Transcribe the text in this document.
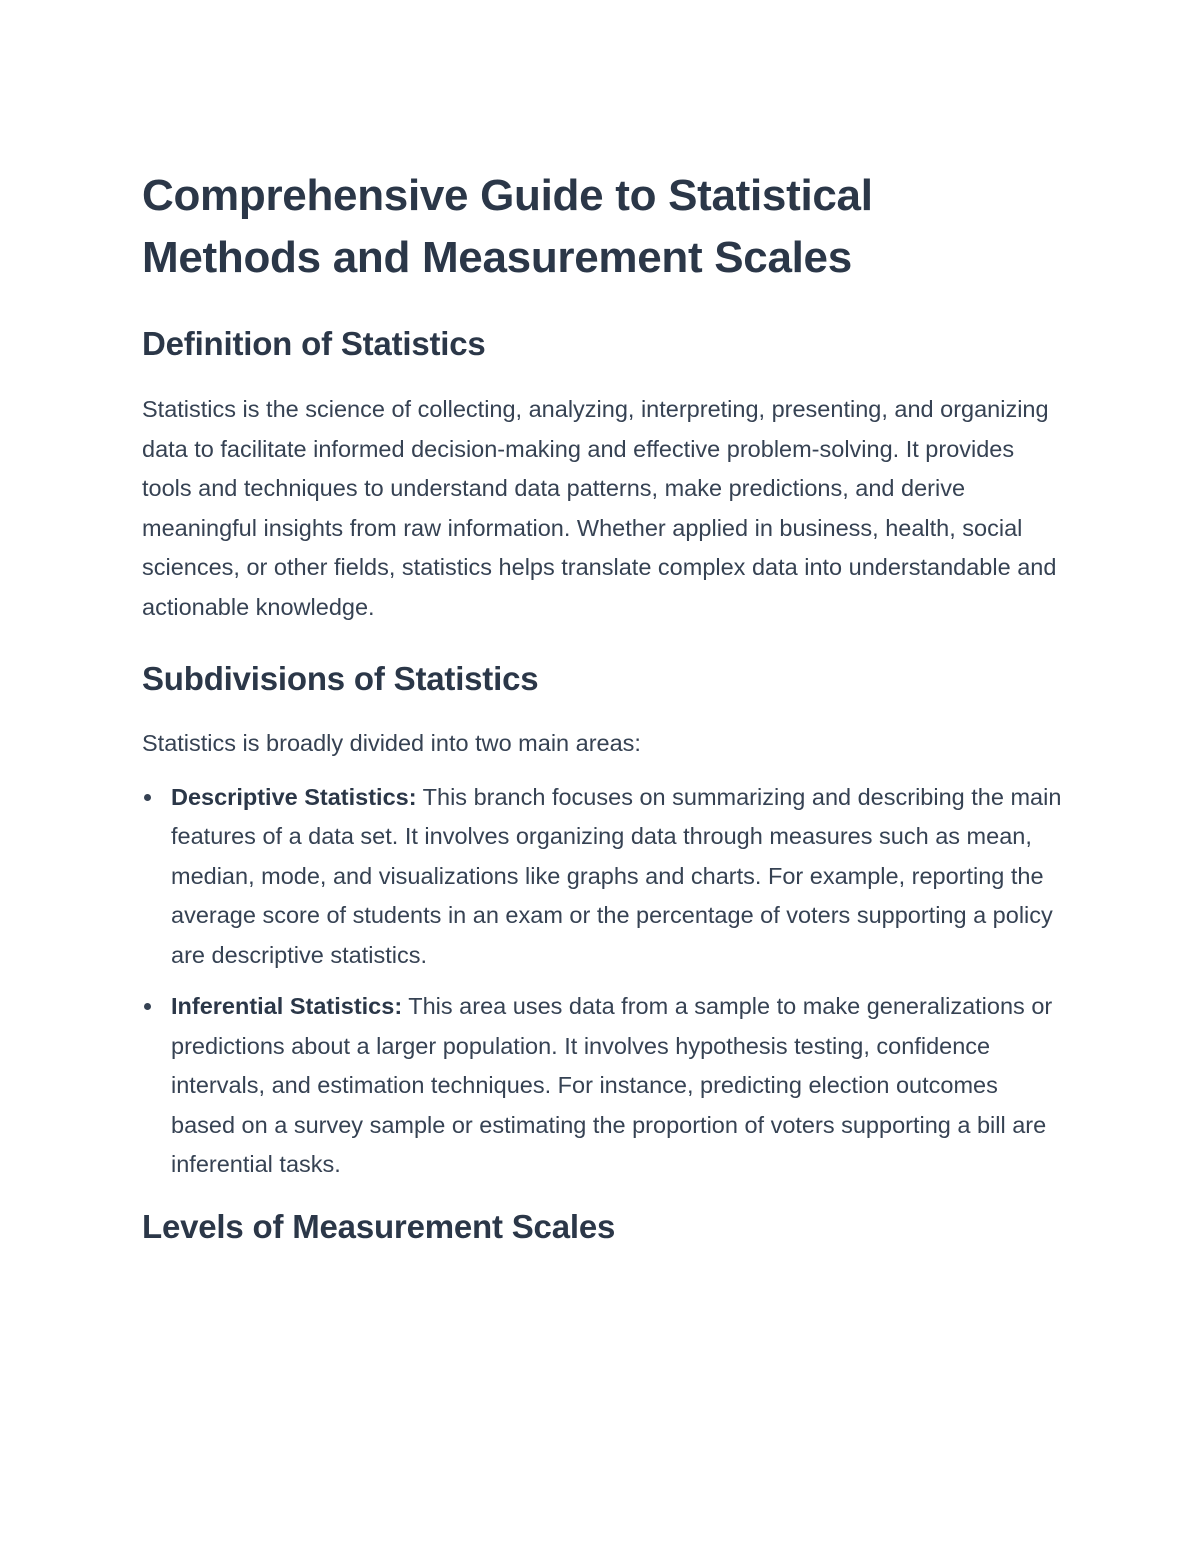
Comprehensive Guide to Statistical Methods and Measurement Scales
Definition of Statistics

Statistics is the science of collecting, analyzing, interpreting, presenting, and organizing data to facilitate informed decision-making and effective problem-solving. It provides tools and techniques to understand data patterns, make predictions, and derive meaningful insights from raw information. Whether applied in business, health, social sciences, or other fields, statistics helps translate complex data into understandable and actionable knowledge.

Subdivisions of Statistics

Statistics is broadly divided into two main areas:

Descriptive Statistics: This branch focuses on summarizing and describing the main features of a data set. It involves organizing data through measures such as mean, median, mode, and visualizations like graphs and charts. For example, reporting the average score of students in an exam or the percentage of voters supporting a policy are descriptive statistics.
Inferential Statistics: This area uses data from a sample to make generalizations or predictions about a larger population. It involves hypothesis testing, confidence intervals, and estimation techniques. For instance, predicting election outcomes based on a survey sample or estimating the proportion of voters supporting a bill are inferential tasks.
Levels of Measurement Scales
